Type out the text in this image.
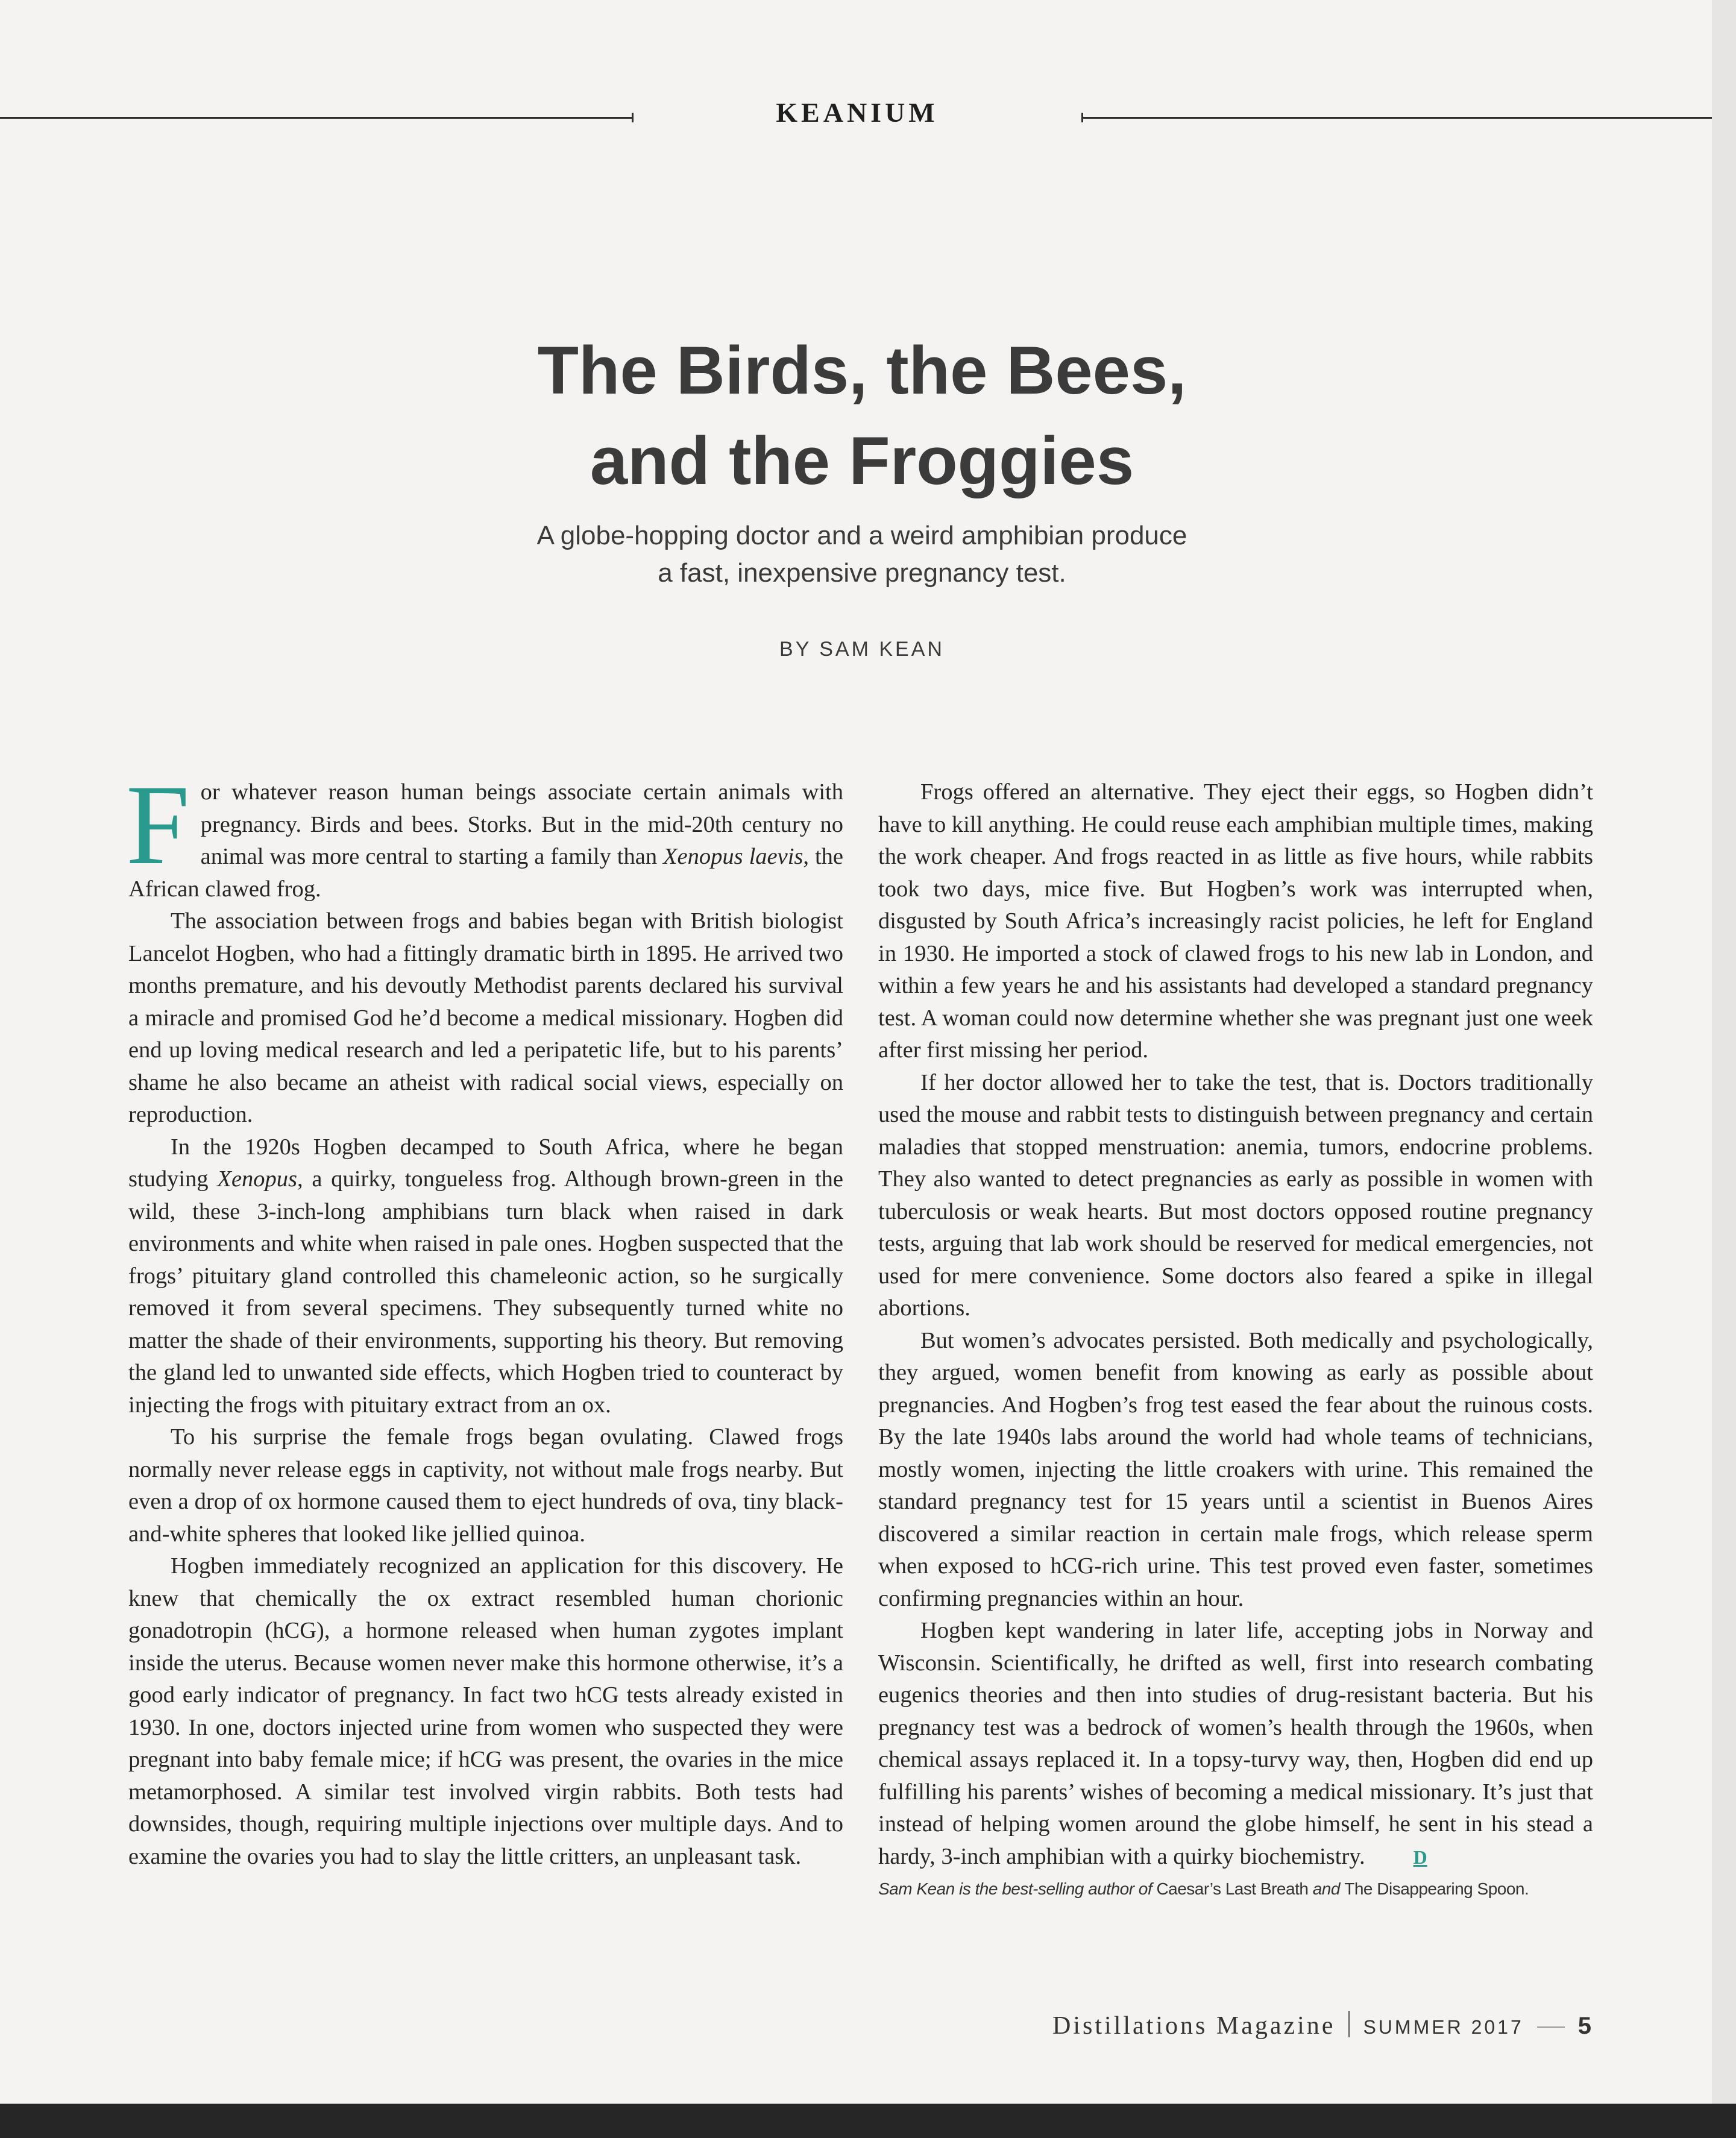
KEANIUM
The Birds, the Bees,
and the Froggies
A globe-hopping doctor and a weird amphibian produce
a fast, inexpensive pregnancy test.
BY SAM KEAN

For whatever reason human beings associate certain animals with pregnancy. Birds and bees. Storks. But in the mid-20th century no animal was more central to starting a family than Xenopus laevis, the African clawed frog.

The association between frogs and babies began with British biologist Lancelot Hogben, who had a fittingly dramatic birth in 1895. He arrived two months premature, and his devoutly Methodist parents declared his survival a miracle and promised God he’d become a medical missionary. Hogben did end up loving medical research and led a peripatetic life, but to his parents’ shame he also became an atheist with radical social views, especially on reproduction.

In the 1920s Hogben decamped to South Africa, where he began studying Xenopus, a quirky, tongueless frog. Although brown-green in the wild, these 3-inch-long amphibians turn black when raised in dark environments and white when raised in pale ones. Hogben suspected that the frogs’ pituitary gland controlled this chameleonic action, so he surgically removed it from several specimens. They subsequently turned white no matter the shade of their environments, supporting his theory. But removing the gland led to unwanted side effects, which Hogben tried to counteract by injecting the frogs with pituitary extract from an ox.

To his surprise the female frogs began ovulating. Clawed frogs normally never release eggs in captivity, not without male frogs nearby. But even a drop of ox hormone caused them to eject hundreds of ova, tiny black-and-white spheres that looked like jellied quinoa.

Hogben immediately recognized an application for this discovery. He knew that chemically the ox extract resembled human chorionic gonadotropin (hCG), a hormone released when human zygotes implant inside the uterus. Because women never make this hormone otherwise, it’s a good early indicator of pregnancy. In fact two hCG tests already existed in 1930. In one, doctors injected urine from women who suspected they were pregnant into baby female mice; if hCG was present, the ovaries in the mice metamorphosed. A similar test involved virgin rabbits. Both tests had downsides, though, requiring multiple injections over multiple days. And to examine the ovaries you had to slay the little critters, an unpleasant task.

Frogs offered an alternative. They eject their eggs, so Hogben didn’t have to kill anything. He could reuse each amphibian multiple times, making the work cheaper. And frogs reacted in as little as five hours, while rabbits took two days, mice five. But Hogben’s work was interrupted when, disgusted by South Africa’s increasingly racist policies, he left for England in 1930. He imported a stock of clawed frogs to his new lab in London, and within a few years he and his assistants had developed a standard pregnancy test. A woman could now determine whether she was pregnant just one week after first missing her period.

If her doctor allowed her to take the test, that is. Doctors traditionally used the mouse and rabbit tests to distinguish between pregnancy and certain maladies that stopped menstruation: anemia, tumors, endocrine problems. They also wanted to detect pregnancies as early as possible in women with tuberculosis or weak hearts. But most doctors opposed routine pregnancy tests, arguing that lab work should be reserved for medical emergencies, not used for mere convenience. Some doctors also feared a spike in illegal abortions.

But women’s advocates persisted. Both medically and psychologically, they argued, women benefit from knowing as early as possible about pregnancies. And Hogben’s frog test eased the fear about the ruinous costs. By the late 1940s labs around the world had whole teams of technicians, mostly women, injecting the little croakers with urine. This remained the standard pregnancy test for 15 years until a scientist in Buenos Aires discovered a similar reaction in certain male frogs, which release sperm when exposed to hCG-rich urine. This test proved even faster, sometimes confirming pregnancies within an hour.

Hogben kept wandering in later life, accepting jobs in Norway and Wisconsin. Scientifically, he drifted as well, first into research combating eugenics theories and then into studies of drug-resistant bacteria. But his pregnancy test was a bedrock of women’s health through the 1960s, when chemical assays replaced it. In a topsy-turvy way, then, Hogben did end up fulfilling his parents’ wishes of becoming a medical missionary. It’s just that instead of helping women around the globe himself, he sent in his stead a hardy, 3-inch amphibian with a quirky biochemistry.	D

Sam Kean is the best-selling author of Caesar’s Last Breath and The Disappearing Spoon.
Distillations Magazine SUMMER 2017 5
